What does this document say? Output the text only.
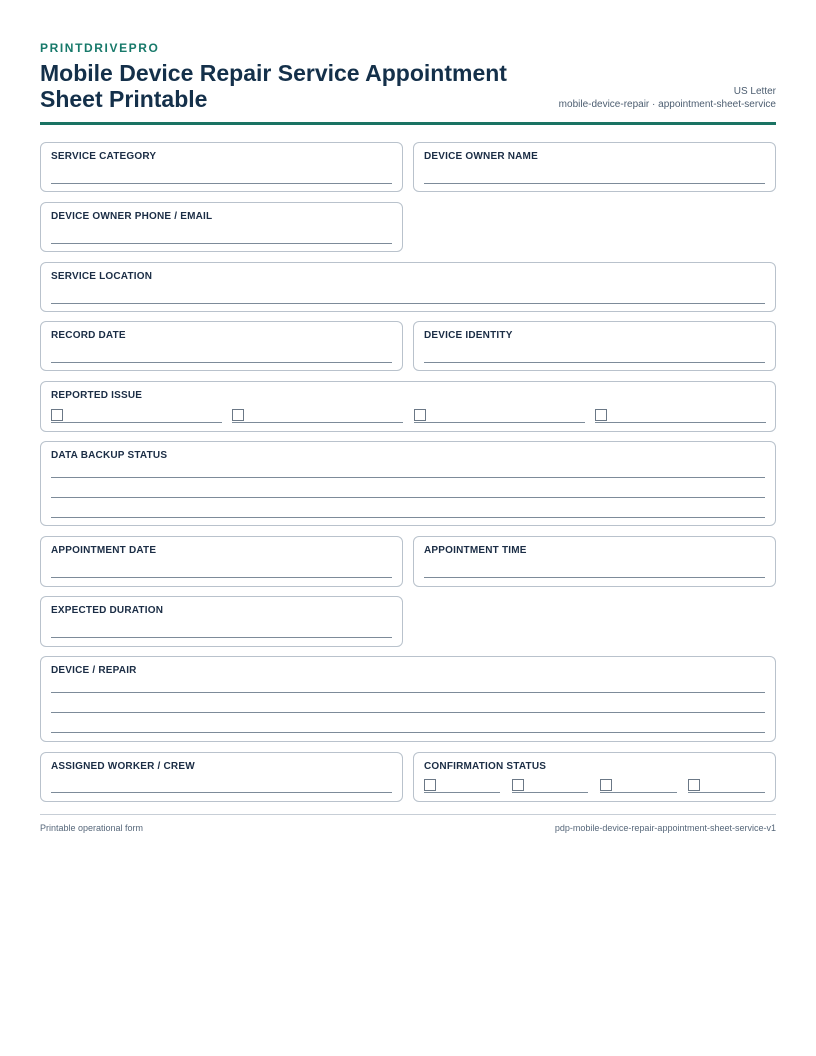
PRINTDRIVEPRO
Mobile Device Repair Service Appointment Sheet Printable	US Letter
mobile-device-repair · appointment-sheet-service
SERVICE CATEGORY	DEVICE OWNER NAME
DEVICE OWNER PHONE / EMAIL
SERVICE LOCATION
RECORD DATE	DEVICE IDENTITY
REPORTED ISSUE
DATA BACKUP STATUS
APPOINTMENT DATE	APPOINTMENT TIME
EXPECTED DURATION
DEVICE / REPAIR
ASSIGNED WORKER / CREW	CONFIRMATION STATUS
Printable operational form	pdp-mobile-device-repair-appointment-sheet-service-v1
